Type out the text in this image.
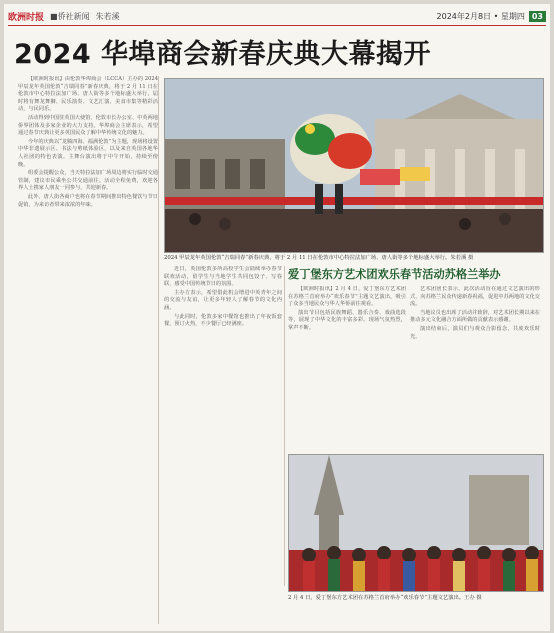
欧洲时报 ■侨社新闻 朱若溪	2024年2月8日 • 星期四 03
2024 华埠商会新春庆典大幕揭开

【欧洲时报讯】由伦敦华埠商会（LCCA）主办的 2024 甲辰龙年英国伦敦“吉瑞同春”新春庆典，将于 2 月 11 日在伦敦市中心特拉法加广场、唐人街等多个地标盛大举行，届时将有舞龙舞狮、民乐演奏、文艺汇演、美食市集等精彩活动，与民同乐。

活动得到中国驻英国大使馆、伦敦市长办公室、中英两地侨界团体及多家企业的大力支持。华埠商会主席表示，希望通过春节庆典让更多英国民众了解中华传统文化的魅力。

今年的庆典以“龙腾四海、福满伦敦”为主题，现场将设置中华非遗展示区、书法与剪纸体验区，以及来自英国各地华人社团的特色表演。主舞台演出将于中午开始，持续至傍晚。

组委会提醒公众，当天特拉法加广场周边将实行临时交通管制，建议市民乘坐公共交通前往。活动全程免费，欢迎各界人士携家人朋友一同参与，共迎新春。

此外，唐人街各商户也将在春节期间推出特色餐饮与节日促销，为来访者带来浓浓的年味。

2024 甲辰龙年英国伦敦“吉瑞同春”新春庆典，将于 2 月 11 日在伦敦市中心特拉法加广场、唐人街等多个地标盛大举行。朱若溪 摄

近日，英国伦敦多所高校学生会陆续举办春节联欢活动，留学生与当地学生共同包饺子、写春联，感受中国传统节日的氛围。

主办方表示，希望借此机会增进中英青年之间的交流与友谊，让更多年轻人了解春节的文化内涵。

与此同时，伦敦多家中餐馆也推出了年夜饭套餐，预订火热，不少餐厅已经满座。

爱丁堡东方艺术团欢乐春节活动苏格兰举办

【欧洲时报讯】2 月 4 日，爱丁堡东方艺术团在苏格兰首府举办“欢乐春节”主题文艺演出，吸引了众多当地民众与华人华侨前往观看。

演出节目包括民族舞蹈、器乐合奏、戏曲选段等，展现了中华文化的丰富多彩。现场气氛热烈，掌声不断。

艺术团团长表示，此次活动旨在通过文艺演出的形式，向苏格兰民众传递新春祝福，促进中苏两地的文化交流。

当地议员也出席了活动并致辞，对艺术团长期以来在推动多元文化融合方面所做的贡献表示感谢。

演出结束后，演员们与观众合影留念，共度欢乐时光。

2 月 4 日，爱丁堡东方艺术团在苏格兰首府举办“欢乐春节”主题文艺演出。王办 摄
